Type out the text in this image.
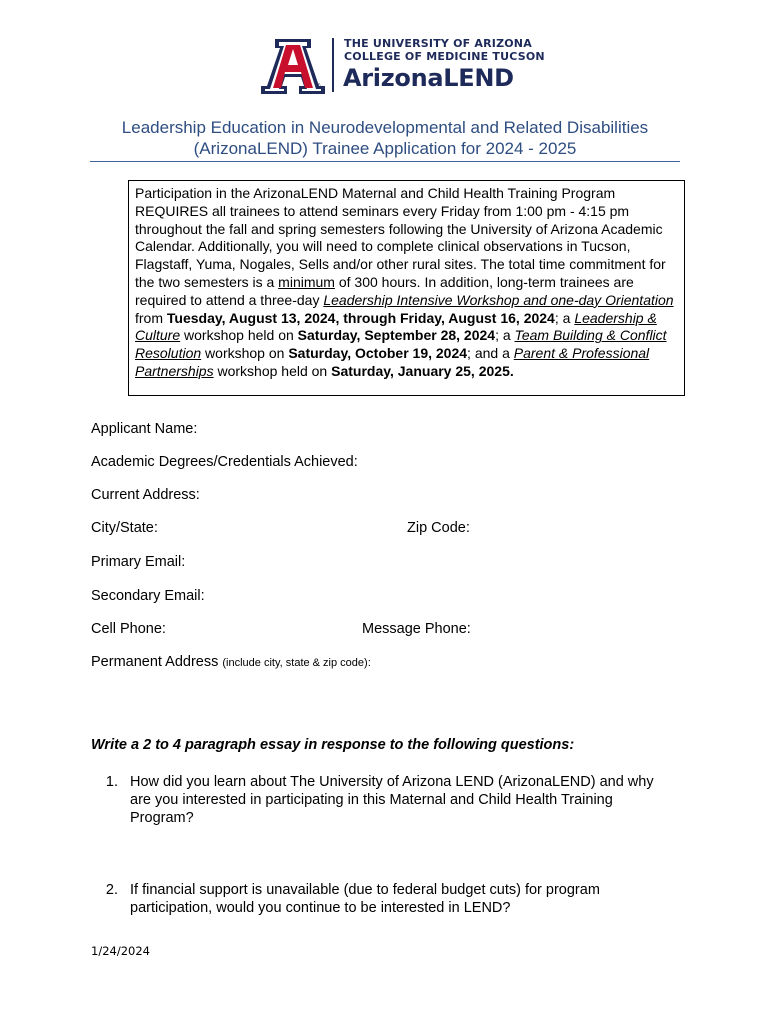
®
THE UNIVERSITY OF ARIZONA
COLLEGE OF MEDICINE TUCSON
ArizonaLEND
Leadership Education in Neurodevelopmental and Related Disabilities
(ArizonaLEND) Trainee Application for 2024 - 2025
Participation in the ArizonaLEND Maternal and Child Health Training Program REQUIRES all trainees to attend seminars every Friday from 1:00 pm - 4:15 pm throughout the fall and spring semesters following the University of Arizona Academic Calendar. Additionally, you will need to complete clinical observations in Tucson, Flagstaff, Yuma, Nogales, Sells and/or other rural sites. The total time commitment for the two semesters is a minimum of 300 hours. In addition, long-term trainees are required to attend a three-day Leadership Intensive Workshop and one-day Orientation from Tuesday, August 13, 2024, through Friday, August 16, 2024; a Leadership & Culture workshop held on Saturday, September 28, 2024; a Team Building & Conflict Resolution workshop on Saturday, October 19, 2024; and a Parent & Professional Partnerships workshop held on Saturday, January 25, 2025.
Applicant Name:
Academic Degrees/Credentials Achieved:
Current Address:
City/State:	Zip Code:
Primary Email:
Secondary Email:
Cell Phone:	Message Phone:
Permanent Address (include city, state & zip code):
Write a 2 to 4 paragraph essay in response to the following questions:
1. How did you learn about The University of Arizona LEND (ArizonaLEND) and why
are you interested in participating in this Maternal and Child Health Training
Program?
2. If financial support is unavailable (due to federal budget cuts) for program
participation, would you continue to be interested in LEND?
1/24/2024
